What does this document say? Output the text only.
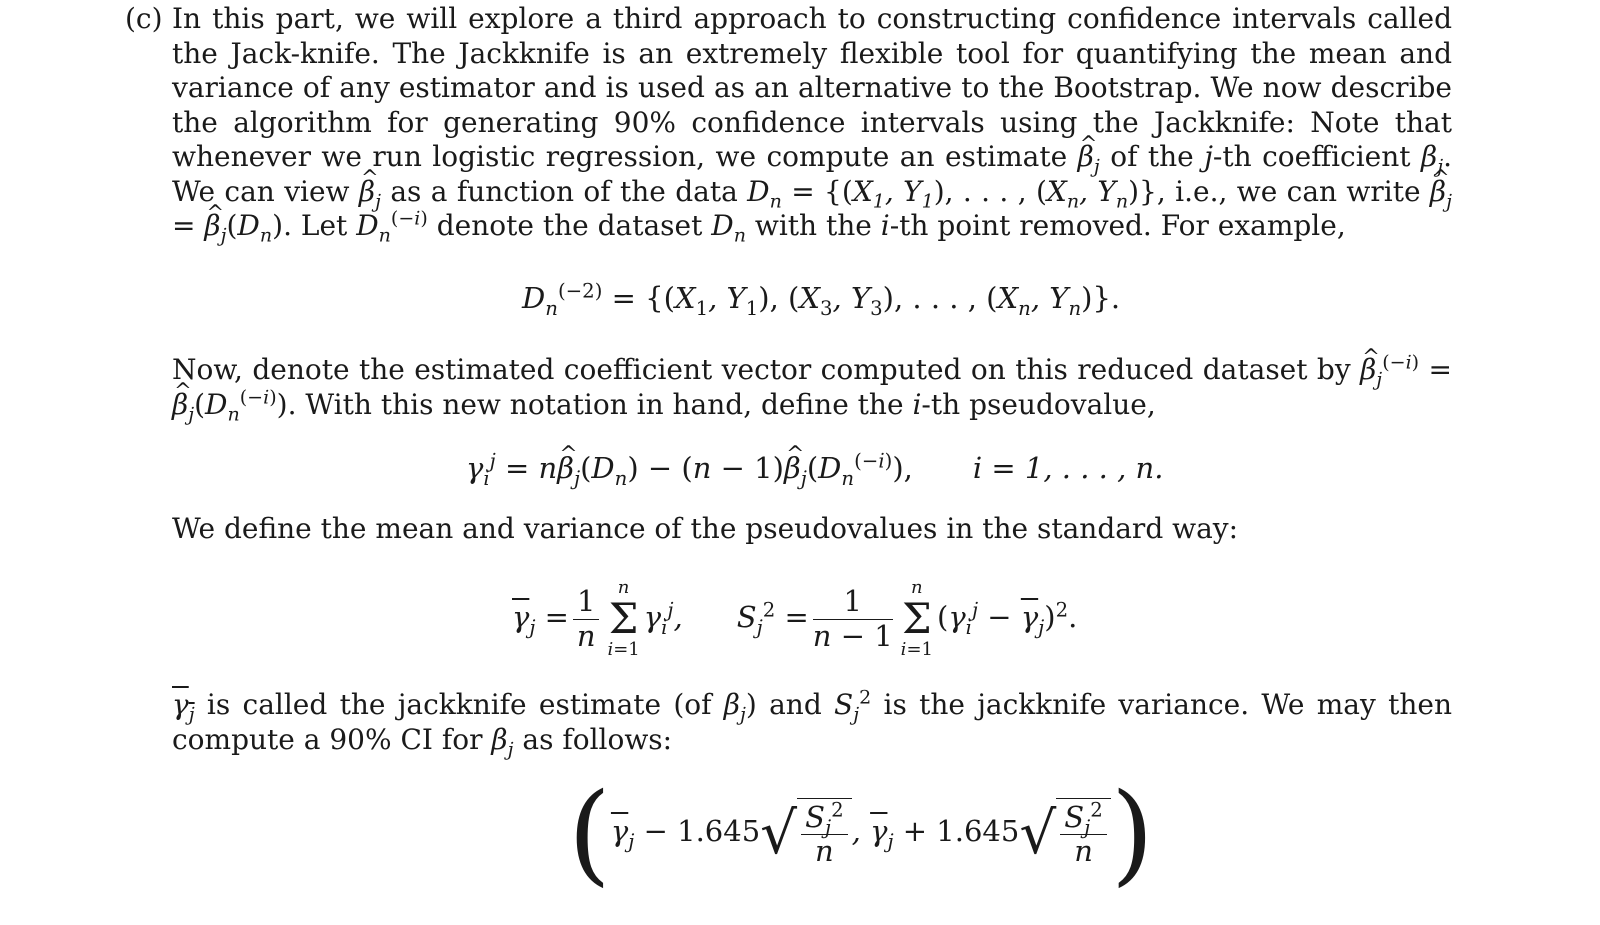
(c) In this part, we will explore a third approach to constructing confidence intervals called the Jack-knife. The Jackknife is an extremely flexible tool for quantifying the mean and variance of any estimator and is used as an alternative to the Bootstrap. We now describe the algorithm for generating 90% confidence intervals using the Jackknife: Note that whenever we run logistic regression, we compute an estimate ^ $\beta_j$ of the j-th coefficient $\beta_j$. We can view ^ $\beta_j$ as a function of the data $D_n = \{(X_1$, $Y_1$), . . . , ($X_n$, $Y_n$)}, i.e., we can write ^ $\beta_j$ = ^ $\beta_j(D_n)$. Let $D_n^{(-i)}$ denote the dataset $D_n$ with the i-th point removed. For example,

$D_n^{(-2)} = \{(X_1$, $Y_1$), ($X_3$, $Y_3$), . . . , ($X_n$, $Y_n$)}.

Now, denote the estimated coefficient vector computed on this reduced dataset by ^ $\beta_j^{(-i)}$ = ^ $\beta_j(D_n^{(-i)})$. With this new notation in hand, define the i-th pseudovalue,

$\gamma_i^j$ = n^ $\beta_j(D_n) - (n$ − 1)^ $\beta_j(D_n^{(-i)})$, i = 1, . . . , n.

We define the mean and variance of the pseudovalues in the standard way:

$\overline{\gamma}_j = \frac{1}{n}$	n
Σ
i=1
$\gamma_i^j$, $S_j^2 = \frac{1}{n - 1}$	n
Σ
i=1
$(\gamma_i^j - \overline{\gamma}_j)^2$.

$\gamma_j$ is called the jackknife estimate (of $\beta_j$) and $S_j^2$ is the jackknife variance. We may then compute a 90% CI for $\beta_j$ as follows:

($\overline{\gamma}_j - 1.645√ \frac{S_j^2}{n}$ , $\overline{\gamma}_j + 1.645√ \frac{S_j^2}{n}$ )
